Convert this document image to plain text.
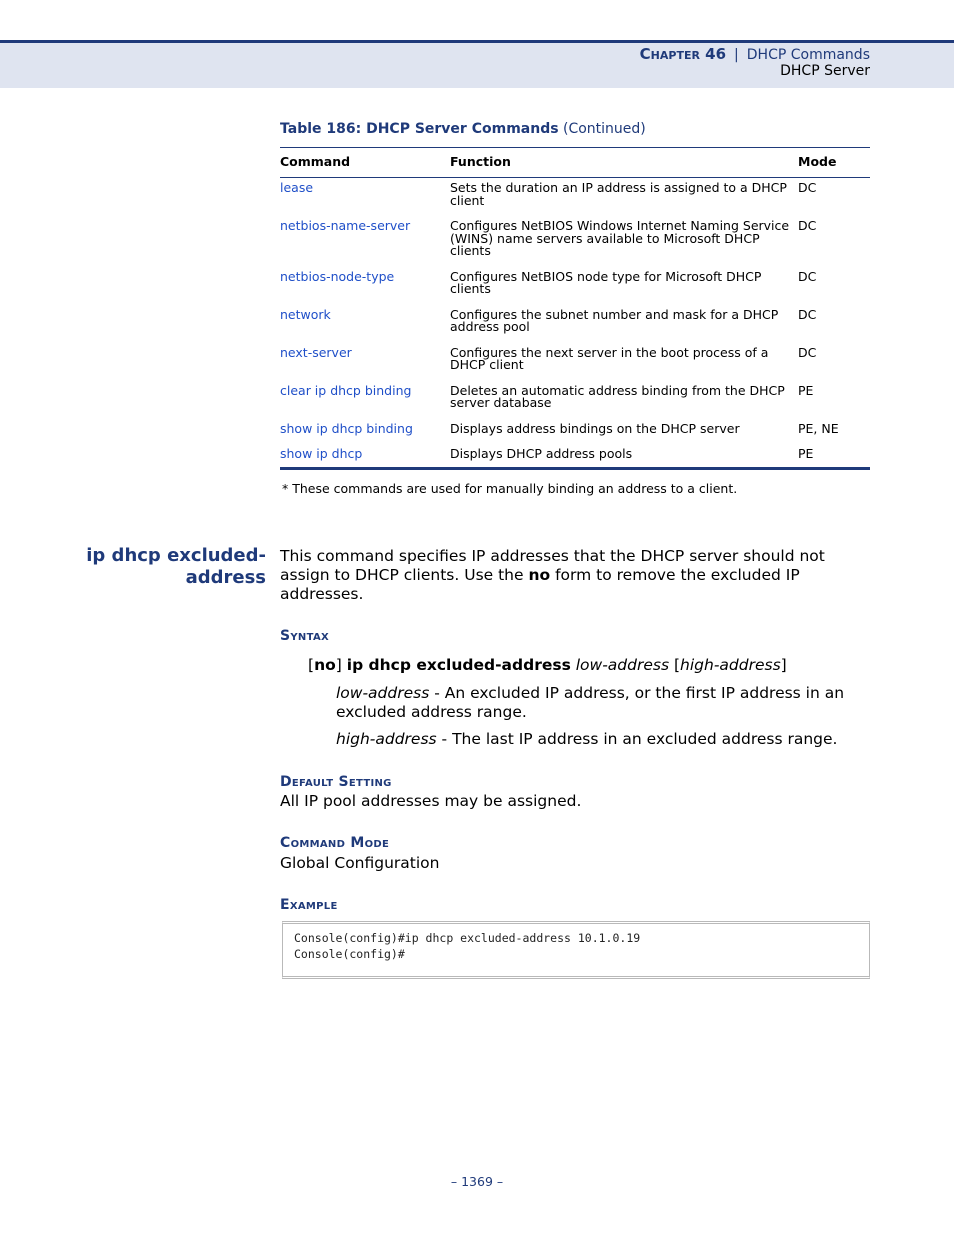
Chapter 46 | DHCP Commands
DHCP Server
Table 186: DHCP Server Commands (Continued)
Command	Function	Mode
lease	Sets the duration an IP address is assigned to a DHCP client	DC
netbios-name-server	Configures NetBIOS Windows Internet Naming Service (WINS) name servers available to Microsoft DHCP clients	DC
netbios-node-type	Configures NetBIOS node type for Microsoft DHCP clients	DC
network	Configures the subnet number and mask for a DHCP address pool	DC
next-server	Configures the next server in the boot process of a DHCP client	DC
clear ip dhcp binding	Deletes an automatic address binding from the DHCP server database	PE
show ip dhcp binding	Displays address bindings on the DHCP server	PE, NE
show ip dhcp	Displays DHCP address pools	PE
* These commands are used for manually binding an address to a client.
ip dhcp excluded-
address
This command specifies IP addresses that the DHCP server should not assign to DHCP clients. Use the no form to remove the excluded IP addresses.
Syntax
[no] ip dhcp excluded-address low-address [high-address]
low-address - An excluded IP address, or the first IP address in an excluded address range.
high-address - The last IP address in an excluded address range.
Default Setting
All IP pool addresses may be assigned.
Command Mode
Global Configuration
Example
Console(config)#ip dhcp excluded-address 10.1.0.19
Console(config)#
– 1369 –
